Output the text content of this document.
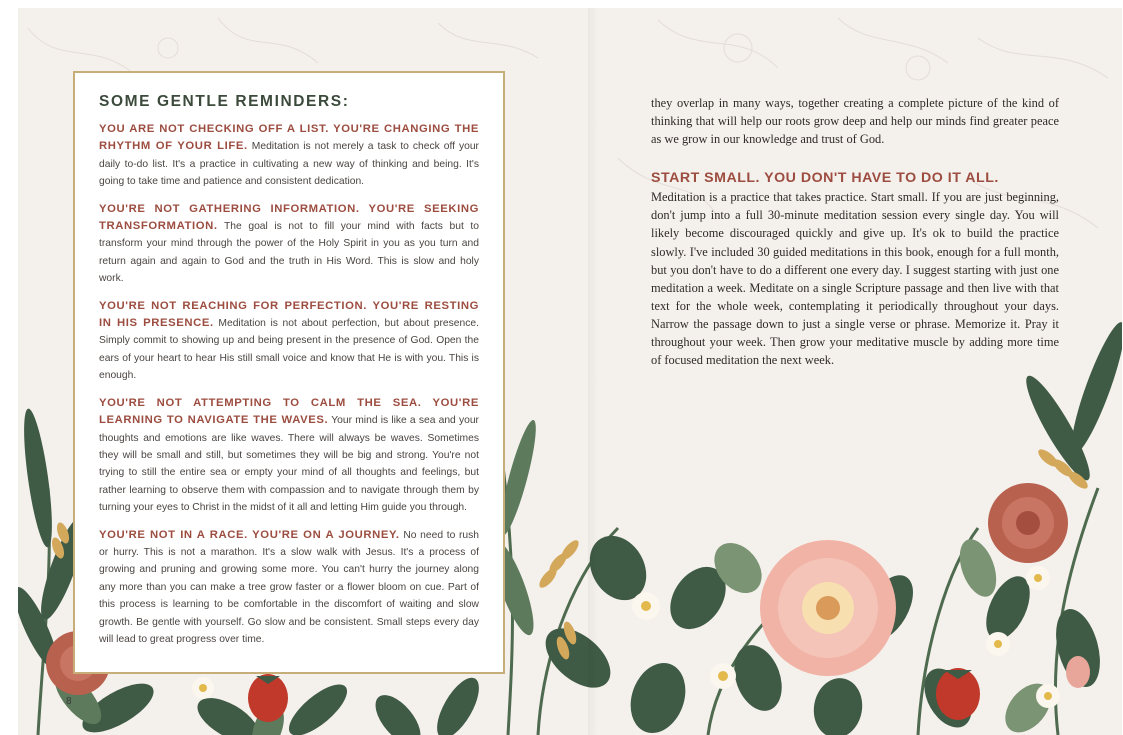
SOME GENTLE REMINDERS:

YOU ARE NOT CHECKING OFF A LIST. YOU'RE CHANGING THE RHYTHM OF YOUR LIFE. Meditation is not merely a task to check off your daily to-do list. It's a practice in cultivating a new way of thinking and being. It's going to take time and patience and consistent dedication.

YOU'RE NOT GATHERING INFORMATION. YOU'RE SEEKING TRANSFORMATION. The goal is not to fill your mind with facts but to transform your mind through the power of the Holy Spirit in you as you turn and return again and again to God and the truth in His Word. This is slow and holy work.

YOU'RE NOT REACHING FOR PERFECTION. YOU'RE RESTING IN HIS PRESENCE. Meditation is not about perfection, but about presence. Simply commit to showing up and being present in the presence of God. Open the ears of your heart to hear His still small voice and know that He is with you. This is enough.

YOU'RE NOT ATTEMPTING TO CALM THE SEA. YOU'RE LEARNING TO NAVIGATE THE WAVES. Your mind is like a sea and your thoughts and emotions are like waves. There will always be waves. Sometimes they will be small and still, but sometimes they will be big and strong. You're not trying to still the entire sea or empty your mind of all thoughts and feelings, but rather learning to observe them with compassion and to navigate through them by turning your eyes to Christ in the midst of it all and letting Him guide you through.

YOU'RE NOT IN A RACE. YOU'RE ON A JOURNEY. No need to rush or hurry. This is not a marathon. It's a slow walk with Jesus. It's a process of growing and pruning and growing some more. You can't hurry the journey along any more than you can make a tree grow faster or a flower bloom on cue. Part of this process is learning to be comfortable in the discomfort of waiting and slow growth. Be gentle with yourself. Go slow and be consistent. Small steps every day will lead to great progress over time.

they overlap in many ways, together creating a complete picture of the kind of thinking that will help our roots grow deep and help our minds find greater peace as we grow in our knowledge and trust of God.

START SMALL. YOU DON'T HAVE TO DO IT ALL.

Meditation is a practice that takes practice. Start small. If you are just beginning, don't jump into a full 30-minute meditation session every single day. You will likely become discouraged quickly and give up. It's ok to build the practice slowly. I've included 30 guided meditations in this book, enough for a full month, but you don't have to do a different one every day. I suggest starting with just one meditation a week. Meditate on a single Scripture passage and then live with that text for the whole week, contemplating it periodically throughout your days. Narrow the passage down to just a single verse or phrase. Memorize it. Pray it throughout your week. Then grow your meditative muscle by adding more time of focused meditation the next week.

8
